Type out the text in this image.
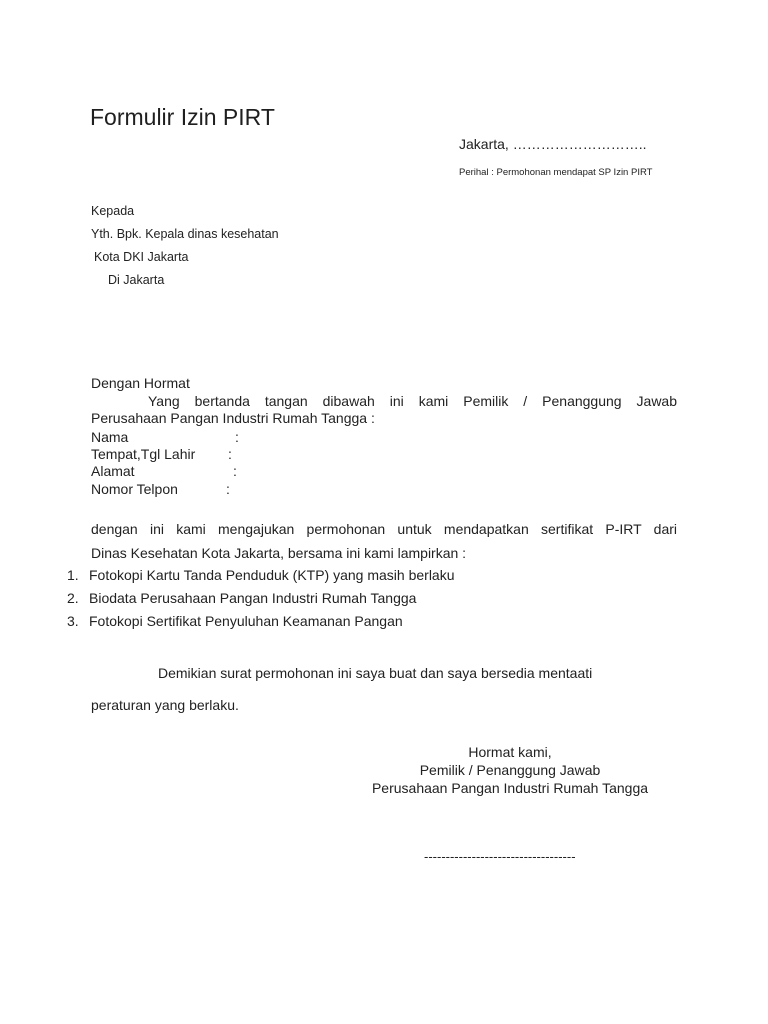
Formulir Izin PIRT
Jakarta, ………………………..
Perihal : Permohonan mendapat SP Izin PIRT
Kepada
Yth. Bpk. Kepala dinas kesehatan
Kota DKI Jakarta
Di Jakarta
Dengan Hormat
Yang bertanda tangan dibawah ini kami Pemilik / Penanggung Jawab
Perusahaan Pangan Industri Rumah Tangga :
Nama	:
Tempat,Tgl Lahir :
Alamat	:
Nomor Telpon	:
dengan ini kami mengajukan permohonan untuk mendapatkan sertifikat P-IRT dari
Dinas Kesehatan Kota Jakarta, bersama ini kami lampirkan :
1. Fotokopi Kartu Tanda Penduduk (KTP) yang masih berlaku
2. Biodata Perusahaan Pangan Industri Rumah Tangga
3. Fotokopi Sertifikat Penyuluhan Keamanan Pangan
Demikian surat permohonan ini saya buat dan saya bersedia mentaati
peraturan yang berlaku.
Hormat kami,
Pemilik / Penanggung Jawab
Perusahaan Pangan Industri Rumah Tangga
-----------------------------------
